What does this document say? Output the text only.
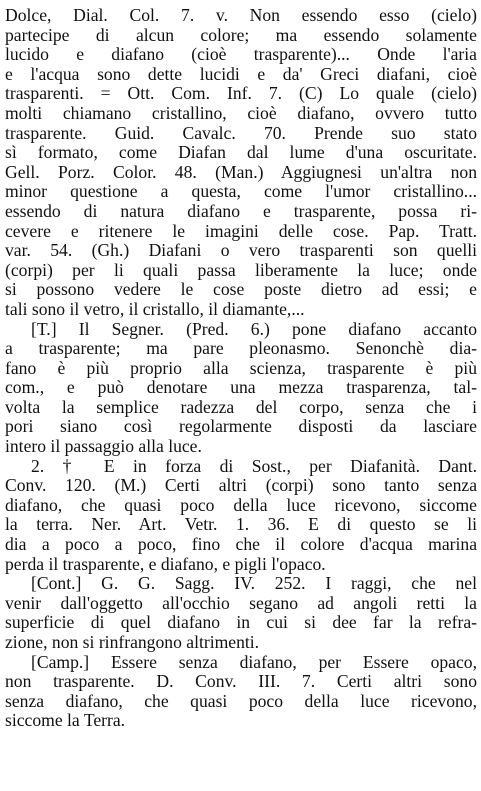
Dolce, Dial. Col. 7. v. Non essendo esso (cielo)
partecipe di alcun colore; ma essendo solamente
lucido e diafano (cioè trasparente)... Onde l'aria
e l'acqua sono dette lucidi e da' Greci diafani, cioè
trasparenti. = Ott. Com. Inf. 7. (C) Lo quale (cielo)
molti chiamano cristallino, cioè diafano, ovvero tutto
trasparente. Guid. Cavalc. 70. Prende suo stato
sì formato, come Diafan dal lume d'una oscuritate.
Gell. Porz. Color. 48. (Man.) Aggiugnesi un'altra non
minor questione a questa, come l'umor cristallino...
essendo di natura diafano e trasparente, possa ri-
cevere e ritenere le imagini delle cose. Pap. Tratt.
var. 54. (Gh.) Diafani o vero trasparenti son quelli
(corpi) per li quali passa liberamente la luce; onde
si possono vedere le cose poste dietro ad essi; e
tali sono il vetro, il cristallo, il diamante,...
[T.] Il Segner. (Pred. 6.) pone diafano accanto
a trasparente; ma pare pleonasmo. Senonchè dia-
fano è più proprio alla scienza, trasparente è più
com., e può denotare una mezza trasparenza, tal-
volta la semplice radezza del corpo, senza che i
pori siano così regolarmente disposti da lasciare
intero il passaggio alla luce.
2. † E in forza di Sost., per Diafanità. Dant.
Conv. 120. (M.) Certi altri (corpi) sono tanto senza
diafano, che quasi poco della luce ricevono, siccome
la terra. Ner. Art. Vetr. 1. 36. E di questo se li
dia a poco a poco, fino che il colore d'acqua marina
perda il trasparente, e diafano, e pigli l'opaco.
[Cont.] G. G. Sagg. IV. 252. I raggi, che nel
venir dall'oggetto all'occhio segano ad angoli retti la
superficie di quel diafano in cui si dee far la refra-
zione, non si rinfrangono altrimenti.
[Camp.] Essere senza diafano, per Essere opaco,
non trasparente. D. Conv. III. 7. Certi altri sono
senza diafano, che quasi poco della luce ricevono,
siccome la Terra.
